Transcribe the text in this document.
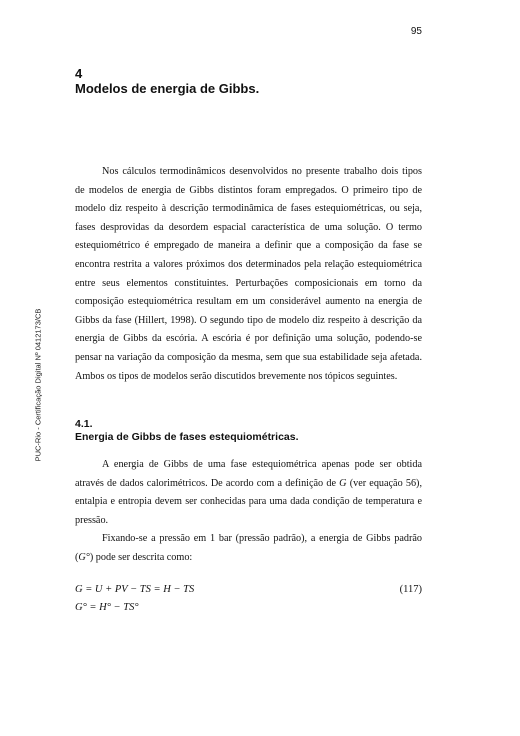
95
PUC-Rio - Certificação Digital Nº 0412173/CB
4
Modelos de energia de Gibbs.

Nos cálculos termodinâmicos desenvolvidos no presente trabalho dois tipos de modelos de energia de Gibbs distintos foram empregados. O primeiro tipo de modelo diz respeito à descrição termodinâmica de fases estequiométricas, ou seja, fases desprovidas da desordem espacial característica de uma solução. O termo estequiométrico é empregado de maneira a definir que a composição da fase se encontra restrita a valores próximos dos determinados pela relação estequiométrica entre seus elementos constituintes. Perturbações composicionais em torno da composição estequiométrica resultam em um considerável aumento na energia de Gibbs da fase (Hillert, 1998). O segundo tipo de modelo diz respeito à descrição da energia de Gibbs da escória. A escória é por definição uma solução, podendo-se pensar na variação da composição da mesma, sem que sua estabilidade seja afetada. Ambos os tipos de modelos serão discutidos brevemente nos tópicos seguintes.

4.1.
Energia de Gibbs de fases estequiométricas.

A energia de Gibbs de uma fase estequiométrica apenas pode ser obtida através de dados calorimétricos. De acordo com a definição de G (ver equação 56), entalpia e entropia devem ser conhecidas para uma dada condição de temperatura e pressão.

Fixando-se a pressão em 1 bar (pressão padrão), a energia de Gibbs padrão (G°) pode ser descrita como:

G = U + PV − TS = H − TS	(117)
G° = H° − TS°
